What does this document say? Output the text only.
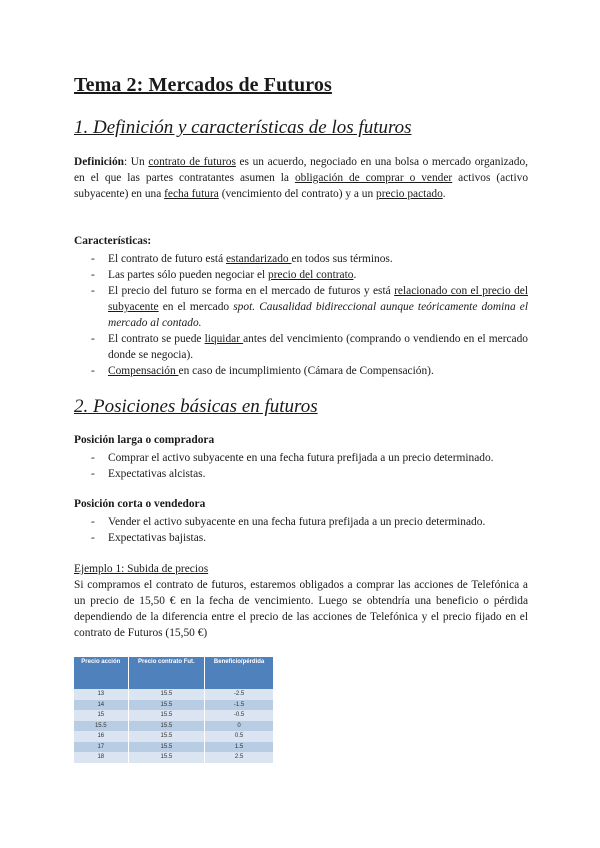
Tema 2: Mercados de Futuros
1. Definición y características de los futuros
Definición: Un contrato de futuros es un acuerdo, negociado en una bolsa o mercado organizado, en el que las partes contratantes asumen la obligación de comprar o vender activos (activo subyacente) en una fecha futura (vencimiento del contrato) y a un precio pactado.
Características:
- El contrato de futuro está estandarizado en todos sus términos.
- Las partes sólo pueden negociar el precio del contrato.
- El precio del futuro se forma en el mercado de futuros y está relacionado con el precio del subyacente en el mercado spot. Causalidad bidireccional aunque teóricamente domina el mercado al contado.
- El contrato se puede liquidar antes del vencimiento (comprando o vendiendo en el mercado donde se negocia).
- Compensación en caso de incumplimiento (Cámara de Compensación).
2. Posiciones básicas en futuros
Posición larga o compradora
- Comprar el activo subyacente en una fecha futura prefijada a un precio determinado.
- Expectativas alcistas.
Posición corta o vendedora
- Vender el activo subyacente en una fecha futura prefijada a un precio determinado.
- Expectativas bajistas.
Ejemplo 1: Subida de precios
Si compramos el contrato de futuros, estaremos obligados a comprar las acciones de Telefónica a un precio de 15,50 € en la fecha de vencimiento. Luego se obtendría una beneficio o pérdida dependiendo de la diferencia entre el precio de las acciones de Telefónica y el precio fijado en el contrato de Futuros (15,50 €)
Precio acción	Precio contrato Fut.	Beneficio/pérdida
13	15.5	-2.5
14	15.5	-1.5
15	15.5	-0.5
15.5	15.5	0
16	15.5	0.5
17	15.5	1.5
18	15.5	2.5
